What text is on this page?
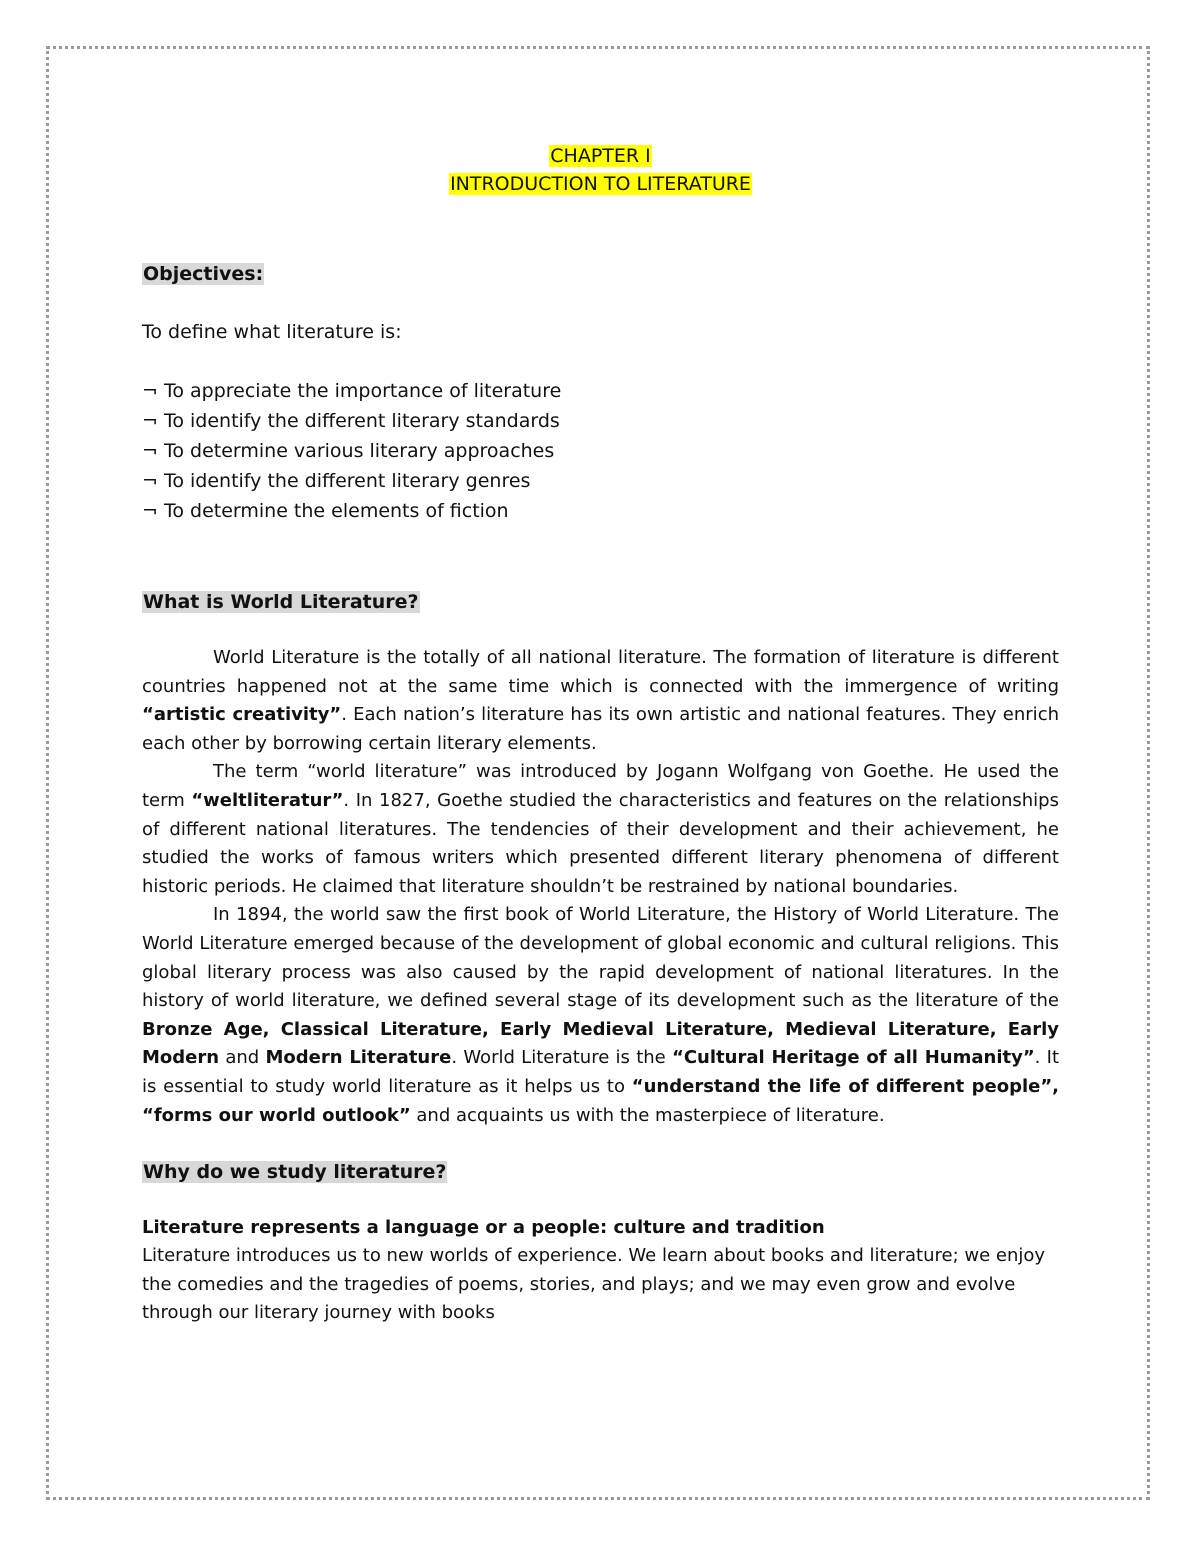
CHAPTER I
INTRODUCTION TO LITERATURE
Objectives:
To define what literature is:
¬ To appreciate the importance of literature
¬ To identify the different literary standards
¬ To determine various literary approaches
¬ To identify the different literary genres
¬ To determine the elements of fiction
What is World Literature?

World Literature is the totally of all national literature. The formation of literature is different countries happened not at the same time which is connected with the immergence of writing “artistic creativity”. Each nation’s literature has its own artistic and national features. They enrich each other by borrowing certain literary elements.

The term “world literature” was introduced by Jogann Wolfgang von Goethe. He used the term “weltliteratur”. In 1827, Goethe studied the characteristics and features on the relationships of different national literatures. The tendencies of their development and their achievement, he studied the works of famous writers which presented different literary phenomena of different historic periods. He claimed that literature shouldn’t be restrained by national boundaries.

In 1894, the world saw the first book of World Literature, the History of World Literature. The World Literature emerged because of the development of global economic and cultural religions. This global literary process was also caused by the rapid development of national literatures. In the history of world literature, we defined several stage of its development such as the literature of the Bronze Age, Classical Literature, Early Medieval Literature, Medieval Literature, Early Modern and Modern Literature. World Literature is the “Cultural Heritage of all Humanity”. It is essential to study world literature as it helps us to “understand the life of different people”, “forms our world outlook” and acquaints us with the masterpiece of literature.

Why do we study literature?
Literature represents a language or a people: culture and tradition

Literature introduces us to new worlds of experience. We learn about books and literature; we enjoy the comedies and the tragedies of poems, stories, and plays; and we may even grow and evolve through our literary journey with books
